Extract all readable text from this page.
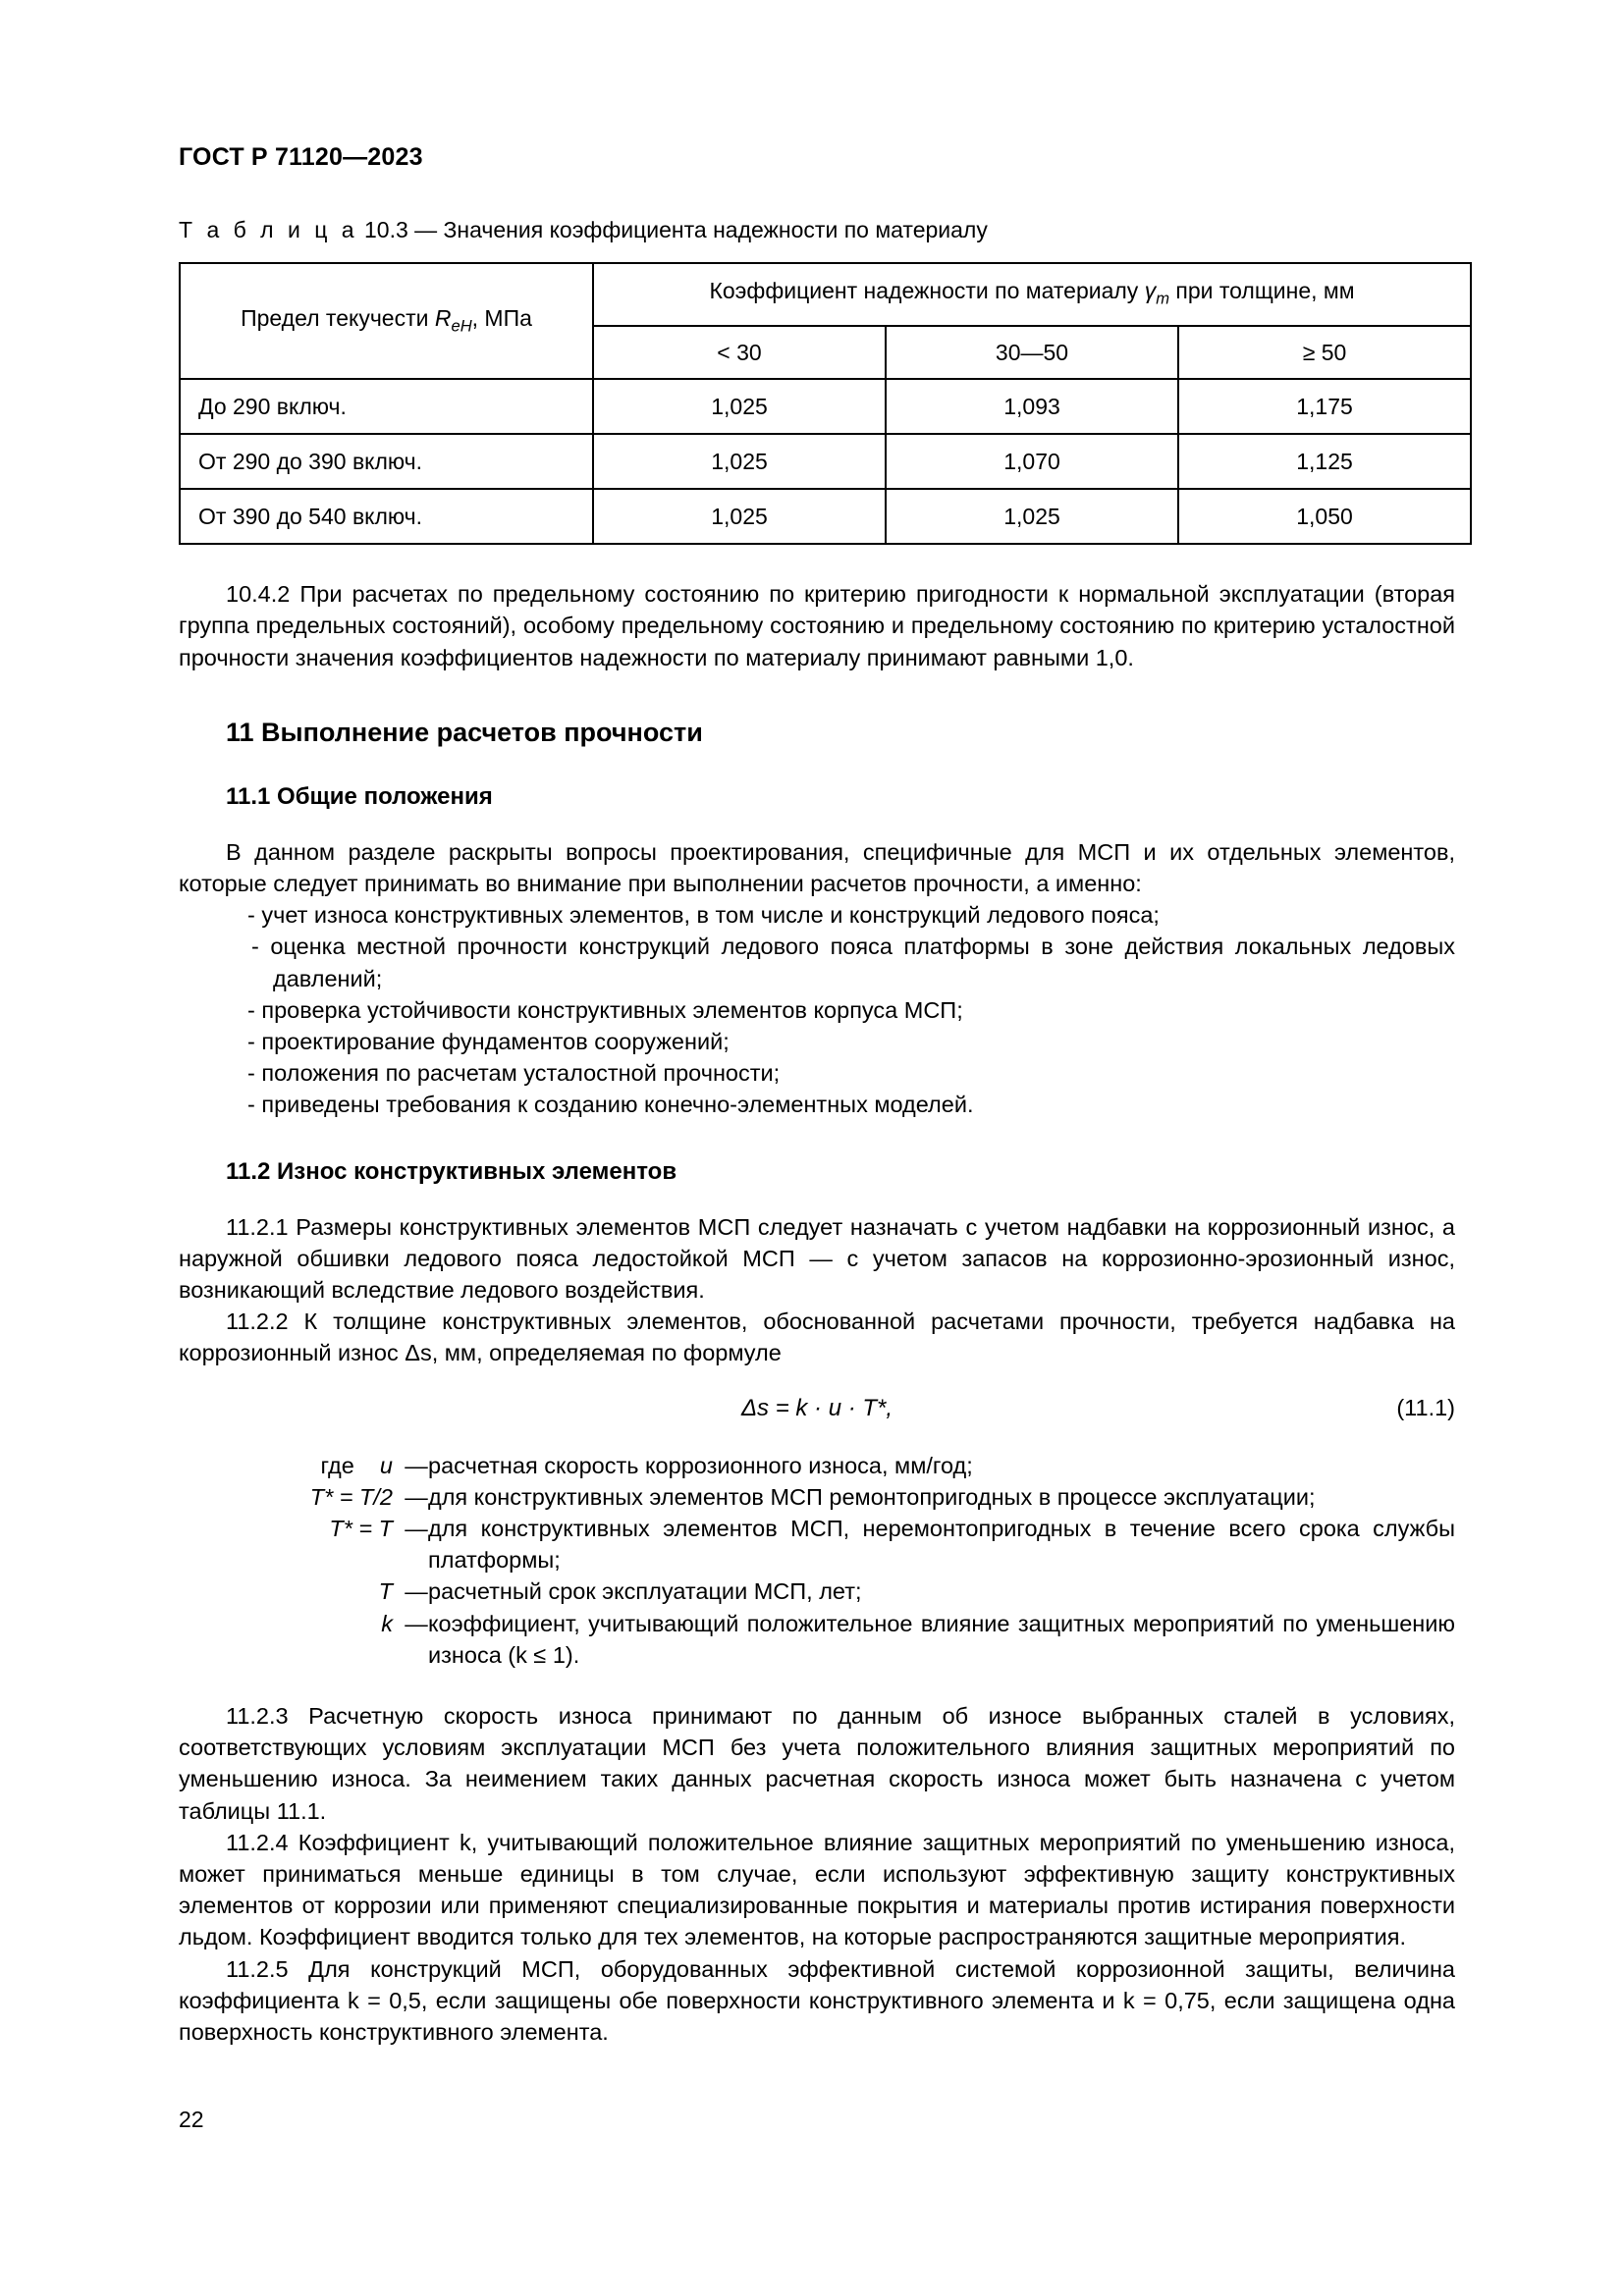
ГОСТ Р 71120—2023
Т а б л и ц а 10.3 — Значения коэффициента надежности по материалу
Предел текучести $R_{eH}$, МПа	Коэффициент надежности по материалу $\gamma_m$ при толщине, мм		
	< 30	30—50	≥ 50
До 290 включ.	1,025	1,093	1,175
От 290 до 390 включ.	1,025	1,070	1,125
От 390 до 540 включ.	1,025	1,025	1,050

10.4.2 При расчетах по предельному состоянию по критерию пригодности к нормальной эксплуатации (вторая группа предельных состояний), особому предельному состоянию и предельному состоянию по критерию усталостной прочности значения коэффициентов надежности по материалу принимают равными 1,0.

11 Выполнение расчетов прочности
11.1 Общие положения

В данном разделе раскрыты вопросы проектирования, специфичные для МСП и их отдельных элементов, которые следует принимать во внимание при выполнении расчетов прочности, а именно:

- учет износа конструктивных элементов, в том числе и конструкций ледового пояса;
- оценка местной прочности конструкций ледового пояса платформы в зоне действия локальных ледовых давлений;
- проверка устойчивости конструктивных элементов корпуса МСП;
- проектирование фундаментов сооружений;
- положения по расчетам усталостной прочности;
- приведены требования к созданию конечно-элементных моделей.
11.2 Износ конструктивных элементов

11.2.1 Размеры конструктивных элементов МСП следует назначать с учетом надбавки на коррозионный износ, а наружной обшивки ледового пояса ледостойкой МСП — с учетом запасов на коррозионно-эрозионный износ, возникающий вследствие ледового воздействия.

11.2.2 К толщине конструктивных элементов, обоснованной расчетами прочности, требуется надбавка на коррозионный износ Δs, мм, определяемая по формуле

Δs = k · u · T*,	(11.1)
где u — расчетная скорость коррозионного износа, мм/год;
T* = T/2 — для конструктивных элементов МСП ремонтопригодных в процессе эксплуатации;
T* = T — для конструктивных элементов МСП, неремонтопригодных в течение всего срока службы платформы;
T — расчетный срок эксплуатации МСП, лет;
k — коэффициент, учитывающий положительное влияние защитных мероприятий по уменьшению износа (k ≤ 1).

11.2.3 Расчетную скорость износа принимают по данным об износе выбранных сталей в условиях, соответствующих условиям эксплуатации МСП без учета положительного влияния защитных мероприятий по уменьшению износа. За неимением таких данных расчетная скорость износа может быть назначена с учетом таблицы 11.1.

11.2.4 Коэффициент k, учитывающий положительное влияние защитных мероприятий по уменьшению износа, может приниматься меньше единицы в том случае, если используют эффективную защиту конструктивных элементов от коррозии или применяют специализированные покрытия и материалы против истирания поверхности льдом. Коэффициент вводится только для тех элементов, на которые распространяются защитные мероприятия.

11.2.5 Для конструкций МСП, оборудованных эффективной системой коррозионной защиты, величина коэффициента k = 0,5, если защищены обе поверхности конструктивного элемента и k = 0,75, если защищена одна поверхность конструктивного элемента.

22
